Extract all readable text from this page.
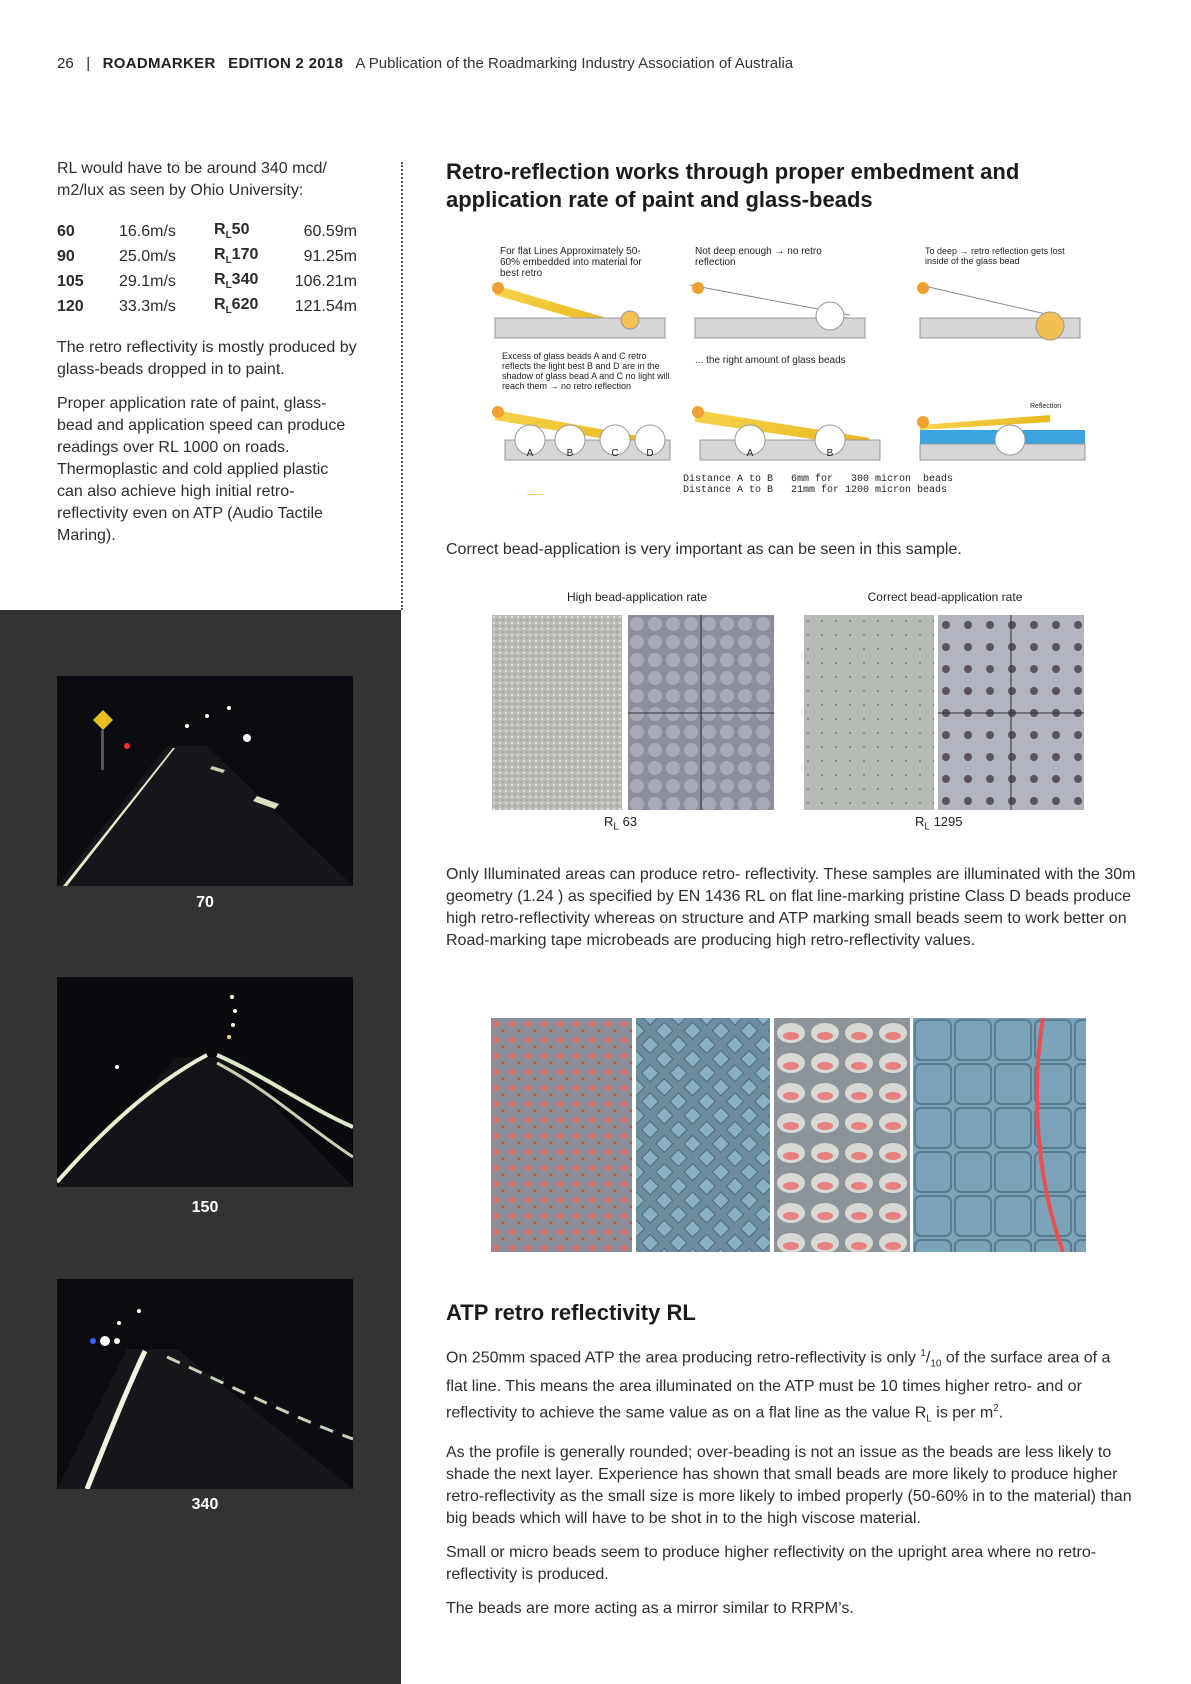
26 | ROADMARKER EDITION 2 2018 A Publication of the Roadmarking Industry Association of Australia

RL would have to be around 340 mcd/ m2/lux as seen by Ohio University:

60	16.6m/s	$R_L50$	60.59m
90	25.0m/s	$R_L170$	91.25m
105	29.1m/s	$R_L340$	106.21m
120	33.3m/s	$R_L620$	121.54m

The retro reflectivity is mostly produced by glass-beads dropped in to paint.

Proper application rate of paint, glass-bead and application speed can produce readings over RL 1000 on roads. Thermoplastic and cold applied plastic can also achieve high initial retro-reflectivity even on ATP (Audio Tactile Maring).

70
150
340
Retro-reflection works through proper embedment and application rate of paint and glass-beads
For flat Lines Approximately 50-60% embedded into material for best retro
Not deep enough → no retro reflection
To deep → retro reflection gets lost inside of the glass bead
Excess of glass beads A and C retro reflects the light best B and D are in the shadow of glass bead A and C no light will reach them → no retro reflection
... the right amount of glass beads
Reflection
A	B	C	D	A	B
Distance A to B   6mm for   300 micron  beads
Distance A to B   21mm for 1200 micron beads
Correct bead-application is very important as can be seen in this sample.
High bead-application rate	Correct bead-application rate
$R_L$ 63	$R_L$ 1295
Only Illuminated areas can produce retro- reflectivity. These samples are illuminated with the 30m geometry (1.24 ) as specified by EN 1436 RL on flat line-marking pristine Class D beads produce high retro-reflectivity whereas on structure and ATP marking small beads seem to work better on Road-marking tape microbeads are producing high retro-reflectivity values.
ATP retro reflectivity RL

On 250mm spaced ATP the area producing retro-reflectivity is only $^1/_{10}$ of the surface area of a flat line. This means the area illuminated on the ATP must be 10 times higher retro- and or reflectivity to achieve the same value as on a flat line as the value $R_L$ is per $m^2$.

As the profile is generally rounded; over-beading is not an issue as the beads are less likely to shade the next layer. Experience has shown that small beads are more likely to produce higher retro-reflectivity as the small size is more likely to imbed properly (50-60% in to the material) than big beads which will have to be shot in to the high viscose material.

Small or micro beads seem to produce higher reflectivity on the upright area where no retro-reflectivity is produced.

The beads are more acting as a mirror similar to RRPM’s.
